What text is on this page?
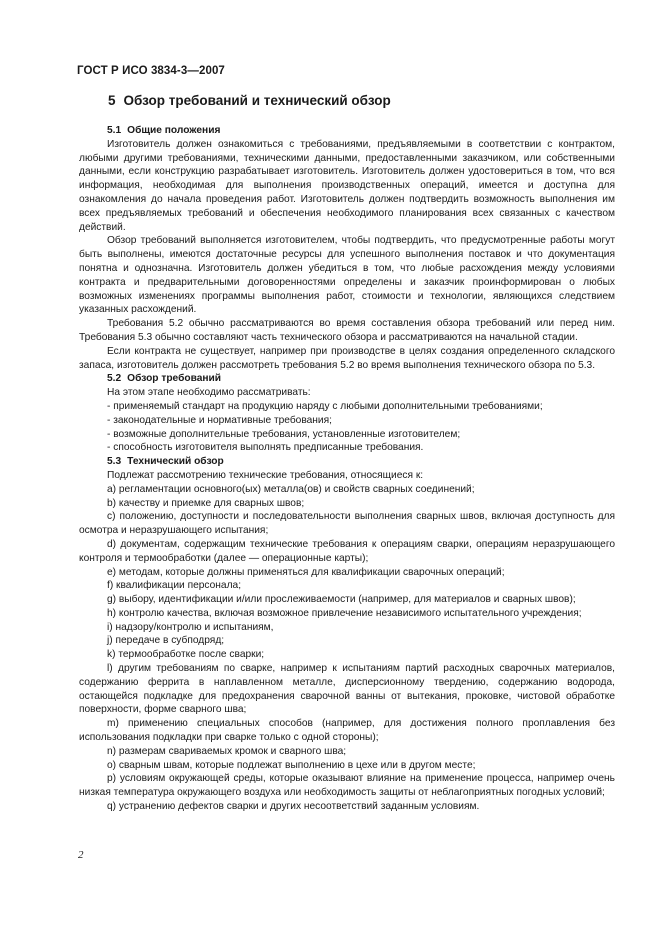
ГОСТ Р ИСО 3834-3—2007
5 Обзор требований и технический обзор
5.1 Общие положения

Изготовитель должен ознакомиться с требованиями, предъявляемыми в соответствии с контрактом, любыми другими требованиями, техническими данными, предоставленными заказчиком, или собственными данными, если конструкцию разрабатывает изготовитель. Изготовитель должен удостовериться в том, что вся информация, необходимая для выполнения производственных операций, имеется и доступна для ознакомления до начала проведения работ. Изготовитель должен подтвердить возможность выполнения им всех предъявляемых требований и обеспечения необходимого планирования всех связанных с качеством действий.

Обзор требований выполняется изготовителем, чтобы подтвердить, что предусмотренные работы могут быть выполнены, имеются достаточные ресурсы для успешного выполнения поставок и что документация понятна и однозначна. Изготовитель должен убедиться в том, что любые расхождения между условиями контракта и предварительными договоренностями определены и заказчик проинформирован о любых возможных изменениях программы выполнения работ, стоимости и технологии, являющихся следствием указанных расхождений.

Требования 5.2 обычно рассматриваются во время составления обзора требований или перед ним. Требования 5.3 обычно составляют часть технического обзора и рассматриваются на начальной стадии.

Если контракта не существует, например при производстве в целях создания определенного складского запаса, изготовитель должен рассмотреть требования 5.2 во время выполнения технического обзора по 5.3.

5.2 Обзор требований

На этом этапе необходимо рассматривать:

- применяемый стандарт на продукцию наряду с любыми дополнительными требованиями;

- законодательные и нормативные требования;

- возможные дополнительные требования, установленные изготовителем;

- способность изготовителя выполнять предписанные требования.

5.3 Технический обзор

Подлежат рассмотрению технические требования, относящиеся к:

a) регламентации основного(ых) металла(ов) и свойств сварных соединений;

b) качеству и приемке для сварных швов;

c) положению, доступности и последовательности выполнения сварных швов, включая доступность для осмотра и неразрушающего испытания;

d) документам, содержащим технические требования к операциям сварки, операциям неразрушающего контроля и термообработки (далее — операционные карты);

e) методам, которые должны применяться для квалификации сварочных операций;

f) квалификации персонала;

g) выбору, идентификации и/или прослеживаемости (например, для материалов и сварных швов);

h) контролю качества, включая возможное привлечение независимого испытательного учреждения;

i) надзору/контролю и испытаниям,

j) передаче в субподряд;

k) термообработке после сварки;

l) другим требованиям по сварке, например к испытаниям партий расходных сварочных материалов, содержанию феррита в наплавленном металле, дисперсионному твердению, содержанию водорода, остающейся подкладке для предохранения сварочной ванны от вытекания, проковке, чистовой обработке поверхности, форме сварного шва;

m) применению специальных способов (например, для достижения полного проплавления без использования подкладки при сварке только с одной стороны);

n) размерам свариваемых кромок и сварного шва;

o) сварным швам, которые подлежат выполнению в цехе или в другом месте;

p) условиям окружающей среды, которые оказывают влияние на применение процесса, например очень низкая температура окружающего воздуха или необходимость защиты от неблагоприятных погодных условий;

q) устранению дефектов сварки и других несоответствий заданным условиям.

2
